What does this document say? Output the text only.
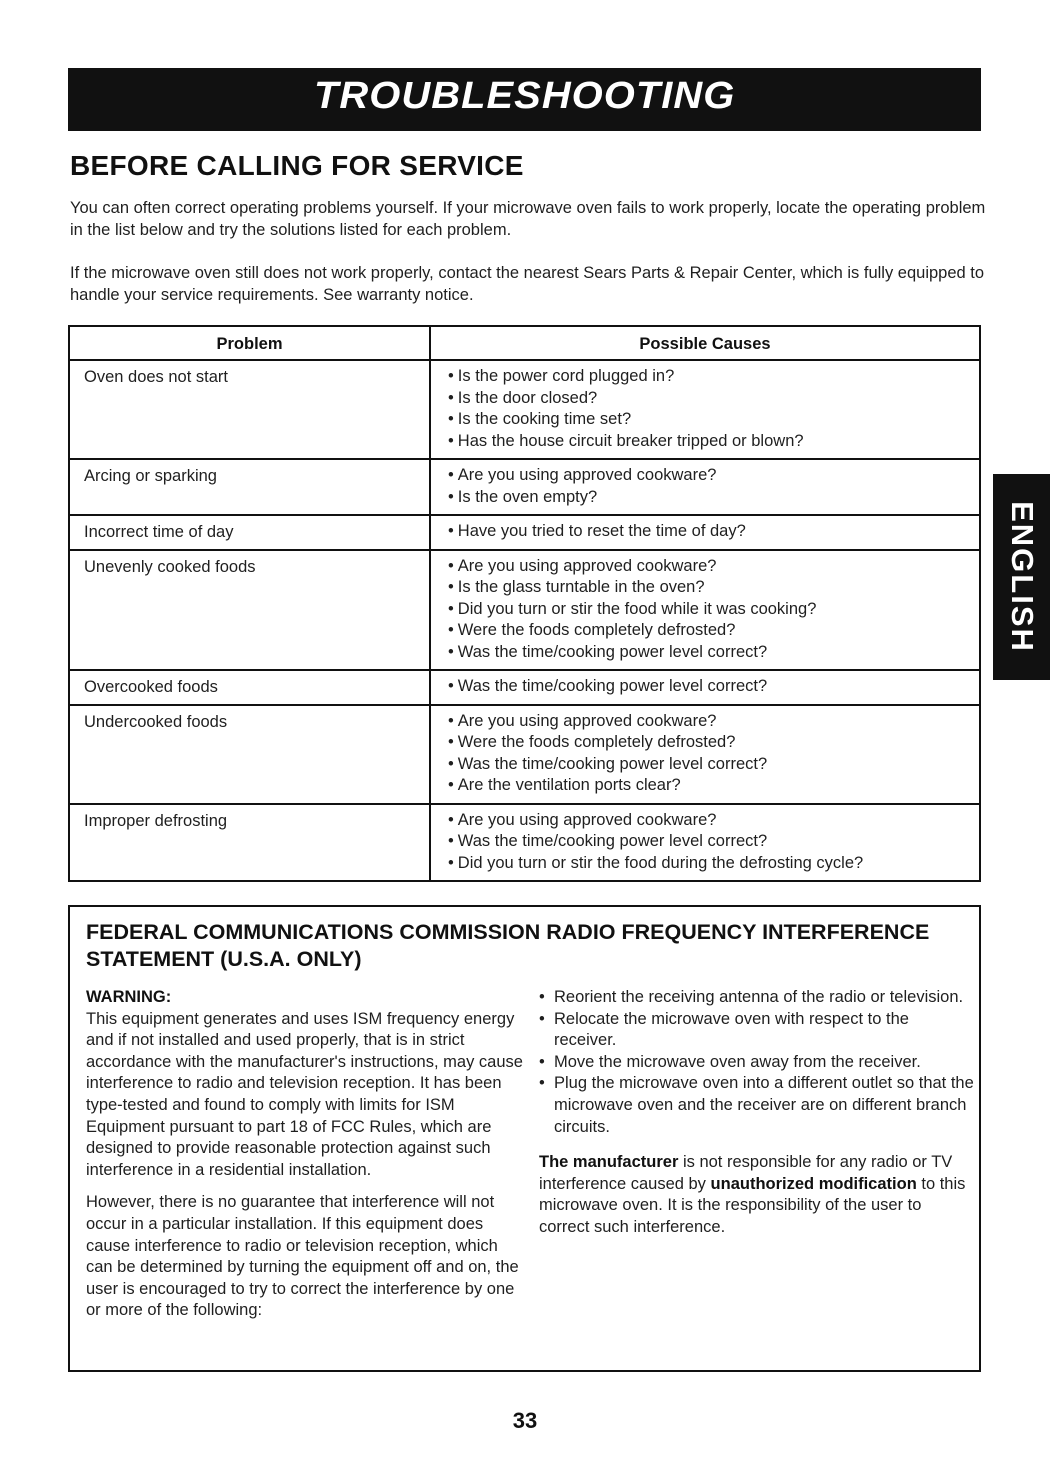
TROUBLESHOOTING
BEFORE CALLING FOR SERVICE

You can often correct operating problems yourself. If your microwave oven fails to work properly, locate the operating problem in the list below and try the solutions listed for each problem.

If the microwave oven still does not work properly, contact the nearest Sears Parts & Repair Center, which is fully equipped to handle your service requirements. See warranty notice.

Problem	Possible Causes
Oven does not start	• Is the power cord plugged in?
• Is the door closed?
• Is the cooking time set?
• Has the house circuit breaker tripped or blown?

Arcing or sparking	• Are you using approved cookware?
• Is the oven empty?

Incorrect time of day	• Have you tried to reset the time of day?

Unevenly cooked foods	• Are you using approved cookware?
• Is the glass turntable in the oven?
• Did you turn or stir the food while it was cooking?
• Were the foods completely defrosted?
• Was the time/cooking power level correct?

Overcooked foods	• Was the time/cooking power level correct?

Undercooked foods	• Are you using approved cookware?
• Were the foods completely defrosted?
• Was the time/cooking power level correct?
• Are the ventilation ports clear?

Improper defrosting	• Are you using approved cookware?
• Was the time/cooking power level correct?
• Did you turn or stir the food during the defrosting cycle?
FEDERAL COMMUNICATIONS COMMISSION RADIO FREQUENCY INTERFERENCE STATEMENT (U.S.A. ONLY)
WARNING:

This equipment generates and uses ISM frequency energy and if not installed and used properly, that is in strict accordance with the manufacturer's instructions, may cause interference to radio and television reception. It has been type-tested and found to comply with limits for ISM Equipment pursuant to part 18 of FCC Rules, which are designed to provide reasonable protection against such interference in a residential installation.

However, there is no guarantee that interference will not occur in a particular installation. If this equipment does cause interference to radio or television reception, which can be determined by turning the equipment off and on, the user is encouraged to try to correct the interference by one or more of the following:

• Reorient the receiving antenna of the radio or television.
• Relocate the microwave oven with respect to the receiver.
• Move the microwave oven away from the receiver.
• Plug the microwave oven into a different outlet so that the microwave oven and the receiver are on different branch circuits.

The manufacturer is not responsible for any radio or TV interference caused by unauthorized modification to this microwave oven. It is the responsibility of the user to correct such interference.

ENGLISH
33
